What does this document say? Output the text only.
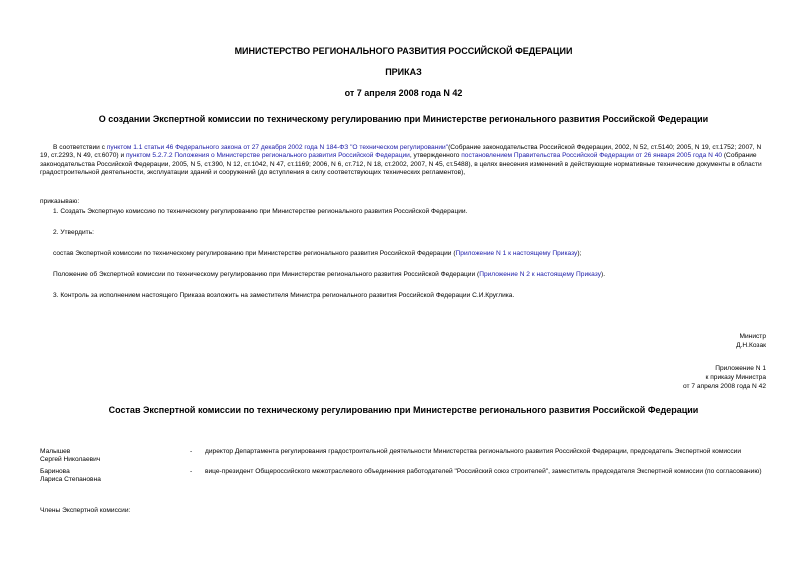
МИНИСТЕРСТВО РЕГИОНАЛЬНОГО РАЗВИТИЯ РОССИЙСКОЙ ФЕДЕРАЦИИ
ПРИКАЗ
от 7 апреля 2008 года N 42
О создании Экспертной комиссии по техническому регулированию при Министерстве регионального развития Российской Федерации
В соответствии с пунктом 1.1 статьи 46 Федерального закона от 27 декабря 2002 года N 184-ФЗ "О техническом регулировании"(Собрание законодательства Российской Федерации, 2002, N 52, ст.5140; 2005, N 19, ст.1752; 2007, N 19, ст.2293, N 49, ст.6070) и пунктом 5.2.7.2 Положения о Министерстве регионального развития Российской Федерации, утвержденного постановлением Правительства Российской Федерации от 26 января 2005 года N 40 (Собрание законодательства Российской Федерации, 2005, N 5, ст.390, N 12, ст.1042, N 47, ст.1169; 2006, N 6, ст.712, N 18, ст.2002, 2007, N 45, ст.5488), в целях внесения изменений в действующие нормативные технические документы в области градостроительной деятельности, эксплуатации зданий и сооружений (до вступления в силу соответствующих технических регламентов),
приказываю:
1. Создать Экспертную комиссию по техническому регулированию при Министерстве регионального развития Российской Федерации.
2. Утвердить:
состав Экспертной комиссии по техническому регулированию при Министерстве регионального развития Российской Федерации (Приложение N 1 к настоящему Приказу);
Положение об Экспертной комиссии по техническому регулированию при Министерстве регионального развития Российской Федерации (Приложение N 2 к настоящему Приказу).
3. Контроль за исполнением настоящего Приказа возложить на заместителя Министра регионального развития Российской Федерации С.И.Круглика.
Министр
Д.Н.Козак
Приложение N 1
к приказу Министра
от 7 апреля 2008 года N 42
Состав Экспертной комиссии по техническому регулированию при Министерстве регионального развития Российской Федерации
Малышев
Сергей Николаевич
- директор Департамента регулирования градостроительной деятельности Министерства регионального развития Российской Федерации, председатель Экспертной комиссии
Баринова
Лариса Степановна
- вице-президент Общероссийского межотраслевого объединения работодателей "Российский союз строителей", заместитель председателя Экспертной комиссии (по согласованию)
Члены Экспертной комиссии:
